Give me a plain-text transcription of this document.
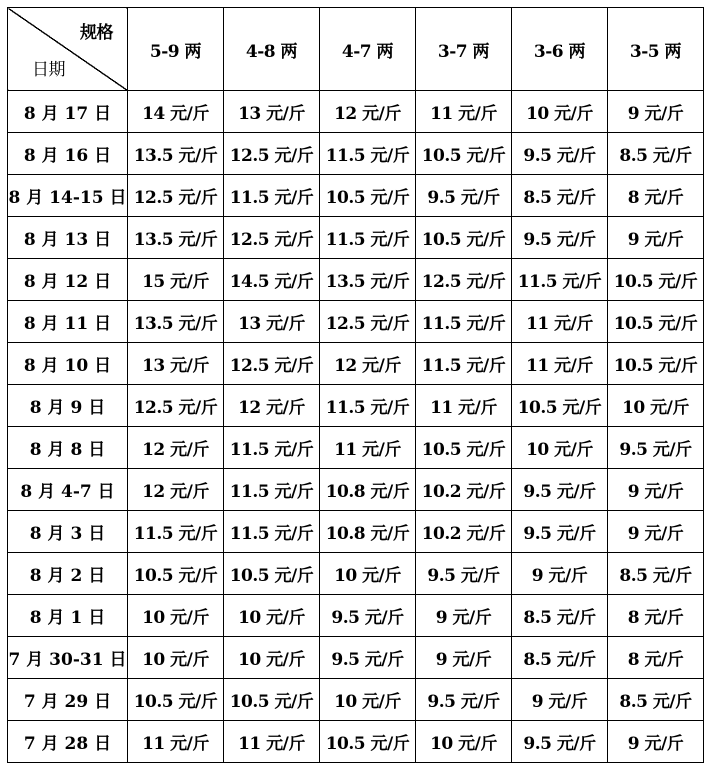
规格
日期	5-9 两	4-8 两	4-7 两	3-7 两	3-6 两	3-5 两
8 月 17 日	14 元/斤	13 元/斤	12 元/斤	11 元/斤	10 元/斤	9 元/斤
8 月 16 日	13.5 元/斤	12.5 元/斤	11.5 元/斤	10.5 元/斤	9.5 元/斤	8.5 元/斤
8 月 14-15 日	12.5 元/斤	11.5 元/斤	10.5 元/斤	9.5 元/斤	8.5 元/斤	8 元/斤
8 月 13 日	13.5 元/斤	12.5 元/斤	11.5 元/斤	10.5 元/斤	9.5 元/斤	9 元/斤
8 月 12 日	15 元/斤	14.5 元/斤	13.5 元/斤	12.5 元/斤	11.5 元/斤	10.5 元/斤
8 月 11 日	13.5 元/斤	13 元/斤	12.5 元/斤	11.5 元/斤	11 元/斤	10.5 元/斤
8 月 10 日	13 元/斤	12.5 元/斤	12 元/斤	11.5 元/斤	11 元/斤	10.5 元/斤
8 月 9 日	12.5 元/斤	12 元/斤	11.5 元/斤	11 元/斤	10.5 元/斤	10 元/斤
8 月 8 日	12 元/斤	11.5 元/斤	11 元/斤	10.5 元/斤	10 元/斤	9.5 元/斤
8 月 4-7 日	12 元/斤	11.5 元/斤	10.8 元/斤	10.2 元/斤	9.5 元/斤	9 元/斤
8 月 3 日	11.5 元/斤	11.5 元/斤	10.8 元/斤	10.2 元/斤	9.5 元/斤	9 元/斤
8 月 2 日	10.5 元/斤	10.5 元/斤	10 元/斤	9.5 元/斤	9 元/斤	8.5 元/斤
8 月 1 日	10 元/斤	10 元/斤	9.5 元/斤	9 元/斤	8.5 元/斤	8 元/斤
7 月 30-31 日	10 元/斤	10 元/斤	9.5 元/斤	9 元/斤	8.5 元/斤	8 元/斤
7 月 29 日	10.5 元/斤	10.5 元/斤	10 元/斤	9.5 元/斤	9 元/斤	8.5 元/斤
7 月 28 日	11 元/斤	11 元/斤	10.5 元/斤	10 元/斤	9.5 元/斤	9 元/斤
